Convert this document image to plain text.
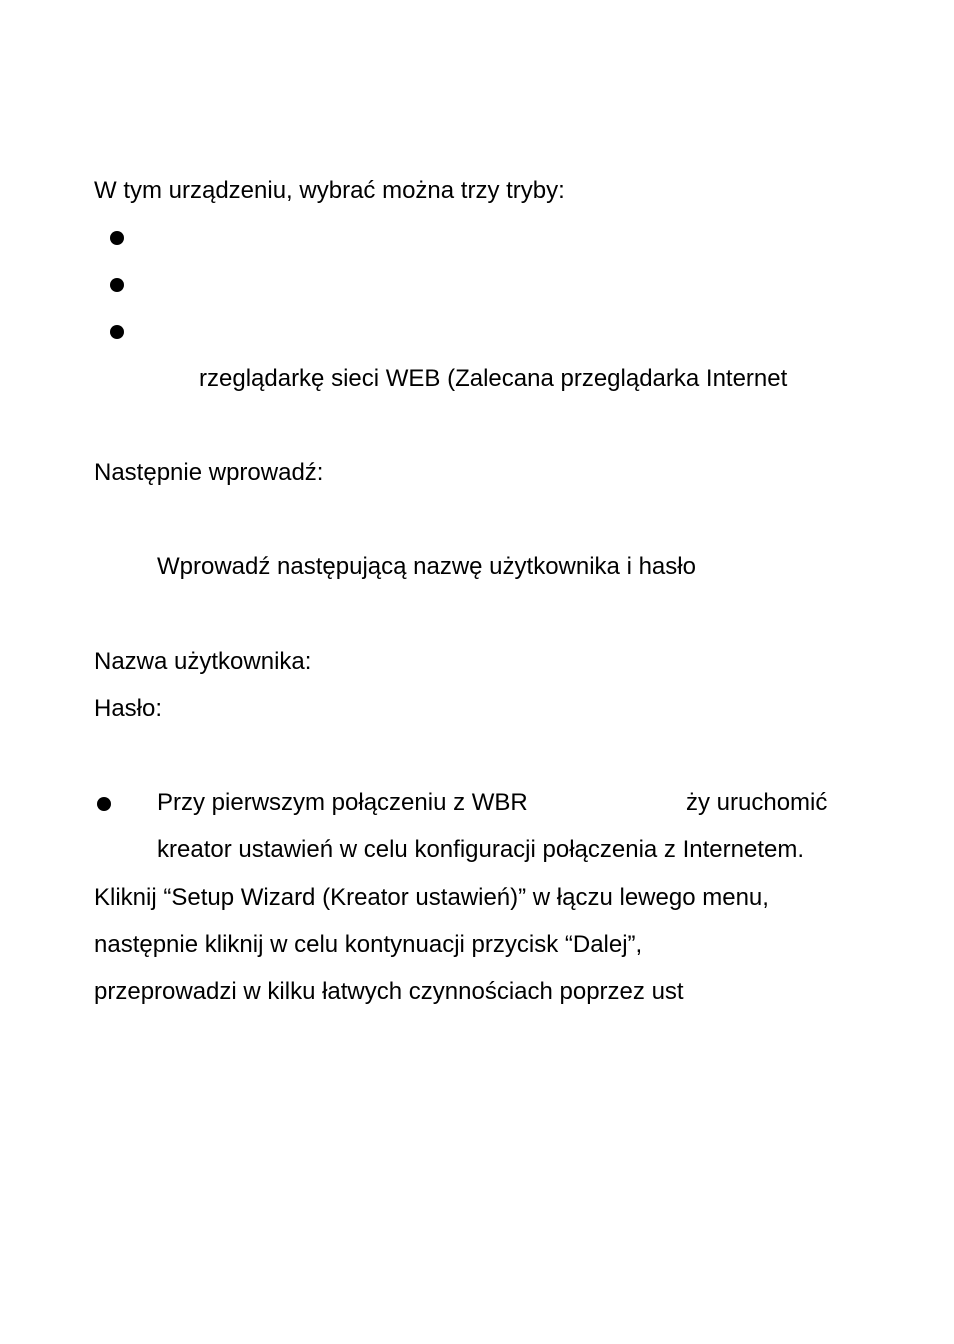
W tym urządzeniu, wybrać można trzy tryby:
rzeglądarkę sieci WEB (Zalecana przeglądarka Internet
Następnie wprowadź:
Wprowadź następującą nazwę użytkownika i hasło
Nazwa użytkownika:
Hasło:
Przy pierwszym połączeniu z WBR	ży uruchomić
kreator ustawień w celu konfiguracji połączenia z Internetem.
Kliknij “Setup Wizard (Kreator ustawień)” w łączu lewego menu,
następnie kliknij w celu kontynuacji przycisk “Dalej”,
przeprowadzi w kilku łatwych czynnościach poprzez ust
